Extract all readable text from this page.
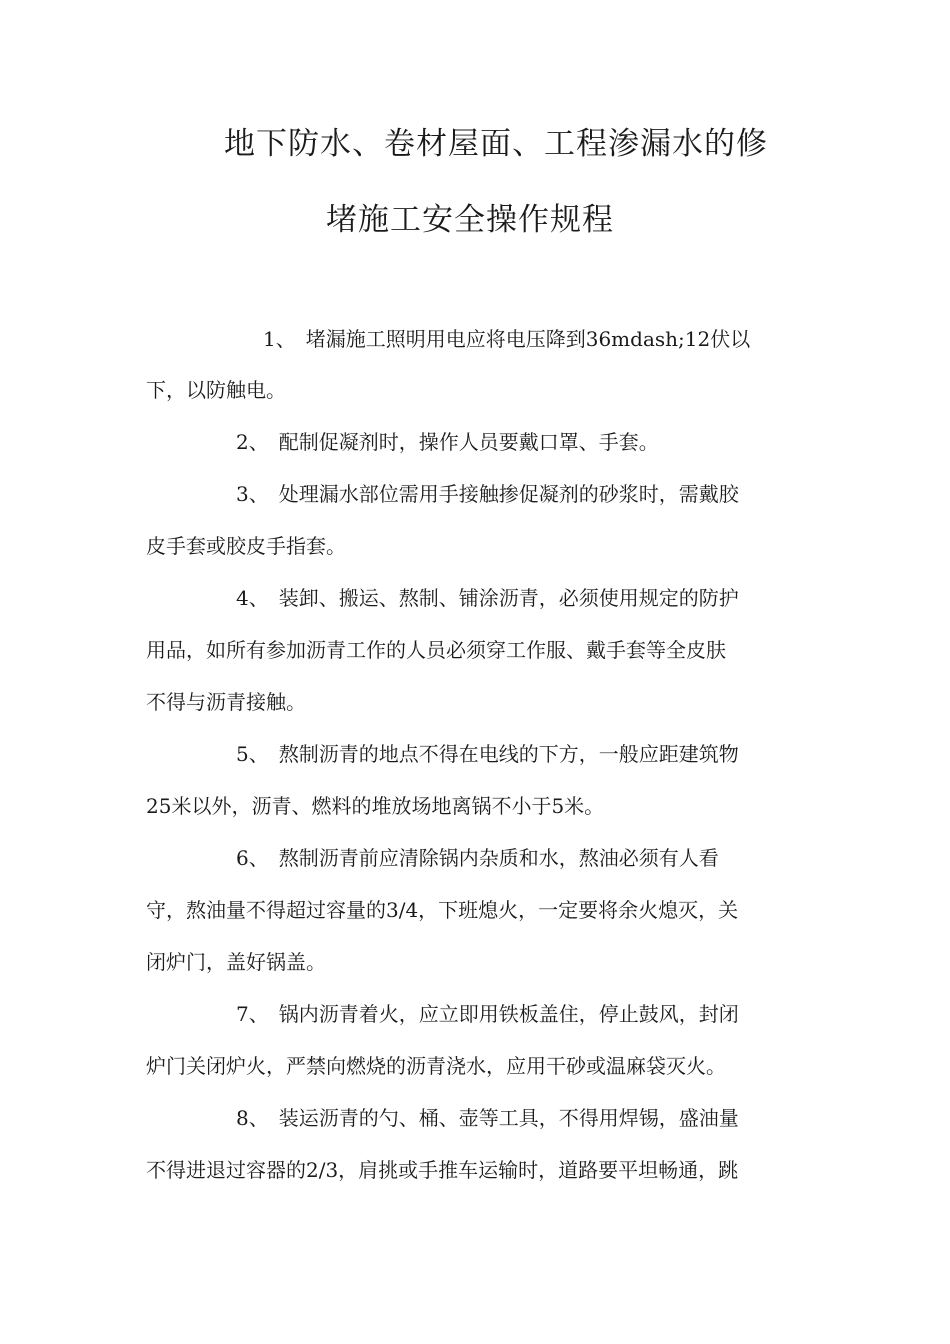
地下防水、卷材屋面、工程渗漏水的修
堵施工安全操作规程
1、 堵漏施工照明用电应将电压降到36mdash;12伏以
下，以防触电。
2、 配制促凝剂时，操作人员要戴口罩、手套。
3、 处理漏水部位需用手接触掺促凝剂的砂浆时，需戴胶
皮手套或胶皮手指套。
4、 装卸、搬运、熬制、铺涂沥青，必须使用规定的防护
用品，如所有参加沥青工作的人员必须穿工作服、戴手套等全皮肤
不得与沥青接触。
5、 熬制沥青的地点不得在电线的下方，一般应距建筑物
25米以外，沥青、燃料的堆放场地离锅不小于5米。
6、 熬制沥青前应清除锅内杂质和水，熬油必须有人看
守，熬油量不得超过容量的3/4，下班熄火，一定要将余火熄灭，关
闭炉门，盖好锅盖。
7、 锅内沥青着火，应立即用铁板盖住，停止鼓风，封闭
炉门关闭炉火，严禁向燃烧的沥青浇水，应用干砂或温麻袋灭火。
8、 装运沥青的勺、桶、壶等工具，不得用焊锡，盛油量
不得进退过容器的2/3，肩挑或手推车运输时，道路要平坦畅通，跳
